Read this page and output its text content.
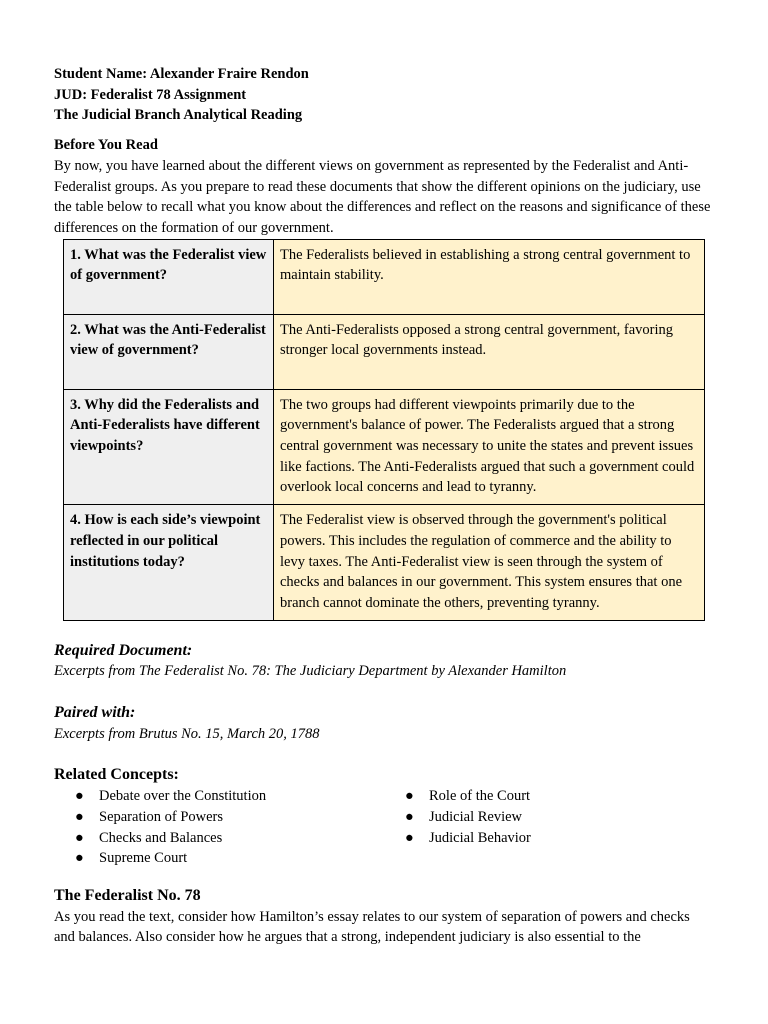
Student Name: Alexander Fraire Rendon

JUD: Federalist 78 Assignment

The Judicial Branch Analytical Reading

Before You Read

By now, you have learned about the different views on government as represented by the Federalist and Anti-Federalist groups. As you prepare to read these documents that show the different opinions on the judiciary, use the table below to recall what you know about the differences and reflect on the reasons and significance of these differences on the formation of our government.

1. What was the Federalist view of government?	The Federalists believed in establishing a strong central government to maintain stability.
2. What was the Anti-Federalist view of government?	The Anti-Federalists opposed a strong central government, favoring stronger local governments instead.
3. Why did the Federalists and Anti-Federalists have different viewpoints?	The two groups had different viewpoints primarily due to the government's balance of power. The Federalists argued that a strong central government was necessary to unite the states and prevent issues like factions. The Anti-Federalists argued that such a government could overlook local concerns and lead to tyranny.
4. How is each side’s viewpoint reflected in our political institutions today?	The Federalist view is observed through the government's political powers. This includes the regulation of commerce and the ability to levy taxes. The Anti-Federalist view is seen through the system of checks and balances in our government. This system ensures that one branch cannot dominate the others, preventing tyranny.

Required Document:

Excerpts from The Federalist No. 78: The Judiciary Department by Alexander Hamilton

Paired with:

Excerpts from Brutus No. 15, March 20, 1788

Related Concepts:

● Debate over the Constitution
● Separation of Powers
● Checks and Balances
● Supreme Court
● Role of the Court
● Judicial Review
● Judicial Behavior

The Federalist No. 78

As you read the text, consider how Hamilton’s essay relates to our system of separation of powers and checks and balances. Also consider how he argues that a strong, independent judiciary is also essential to the
